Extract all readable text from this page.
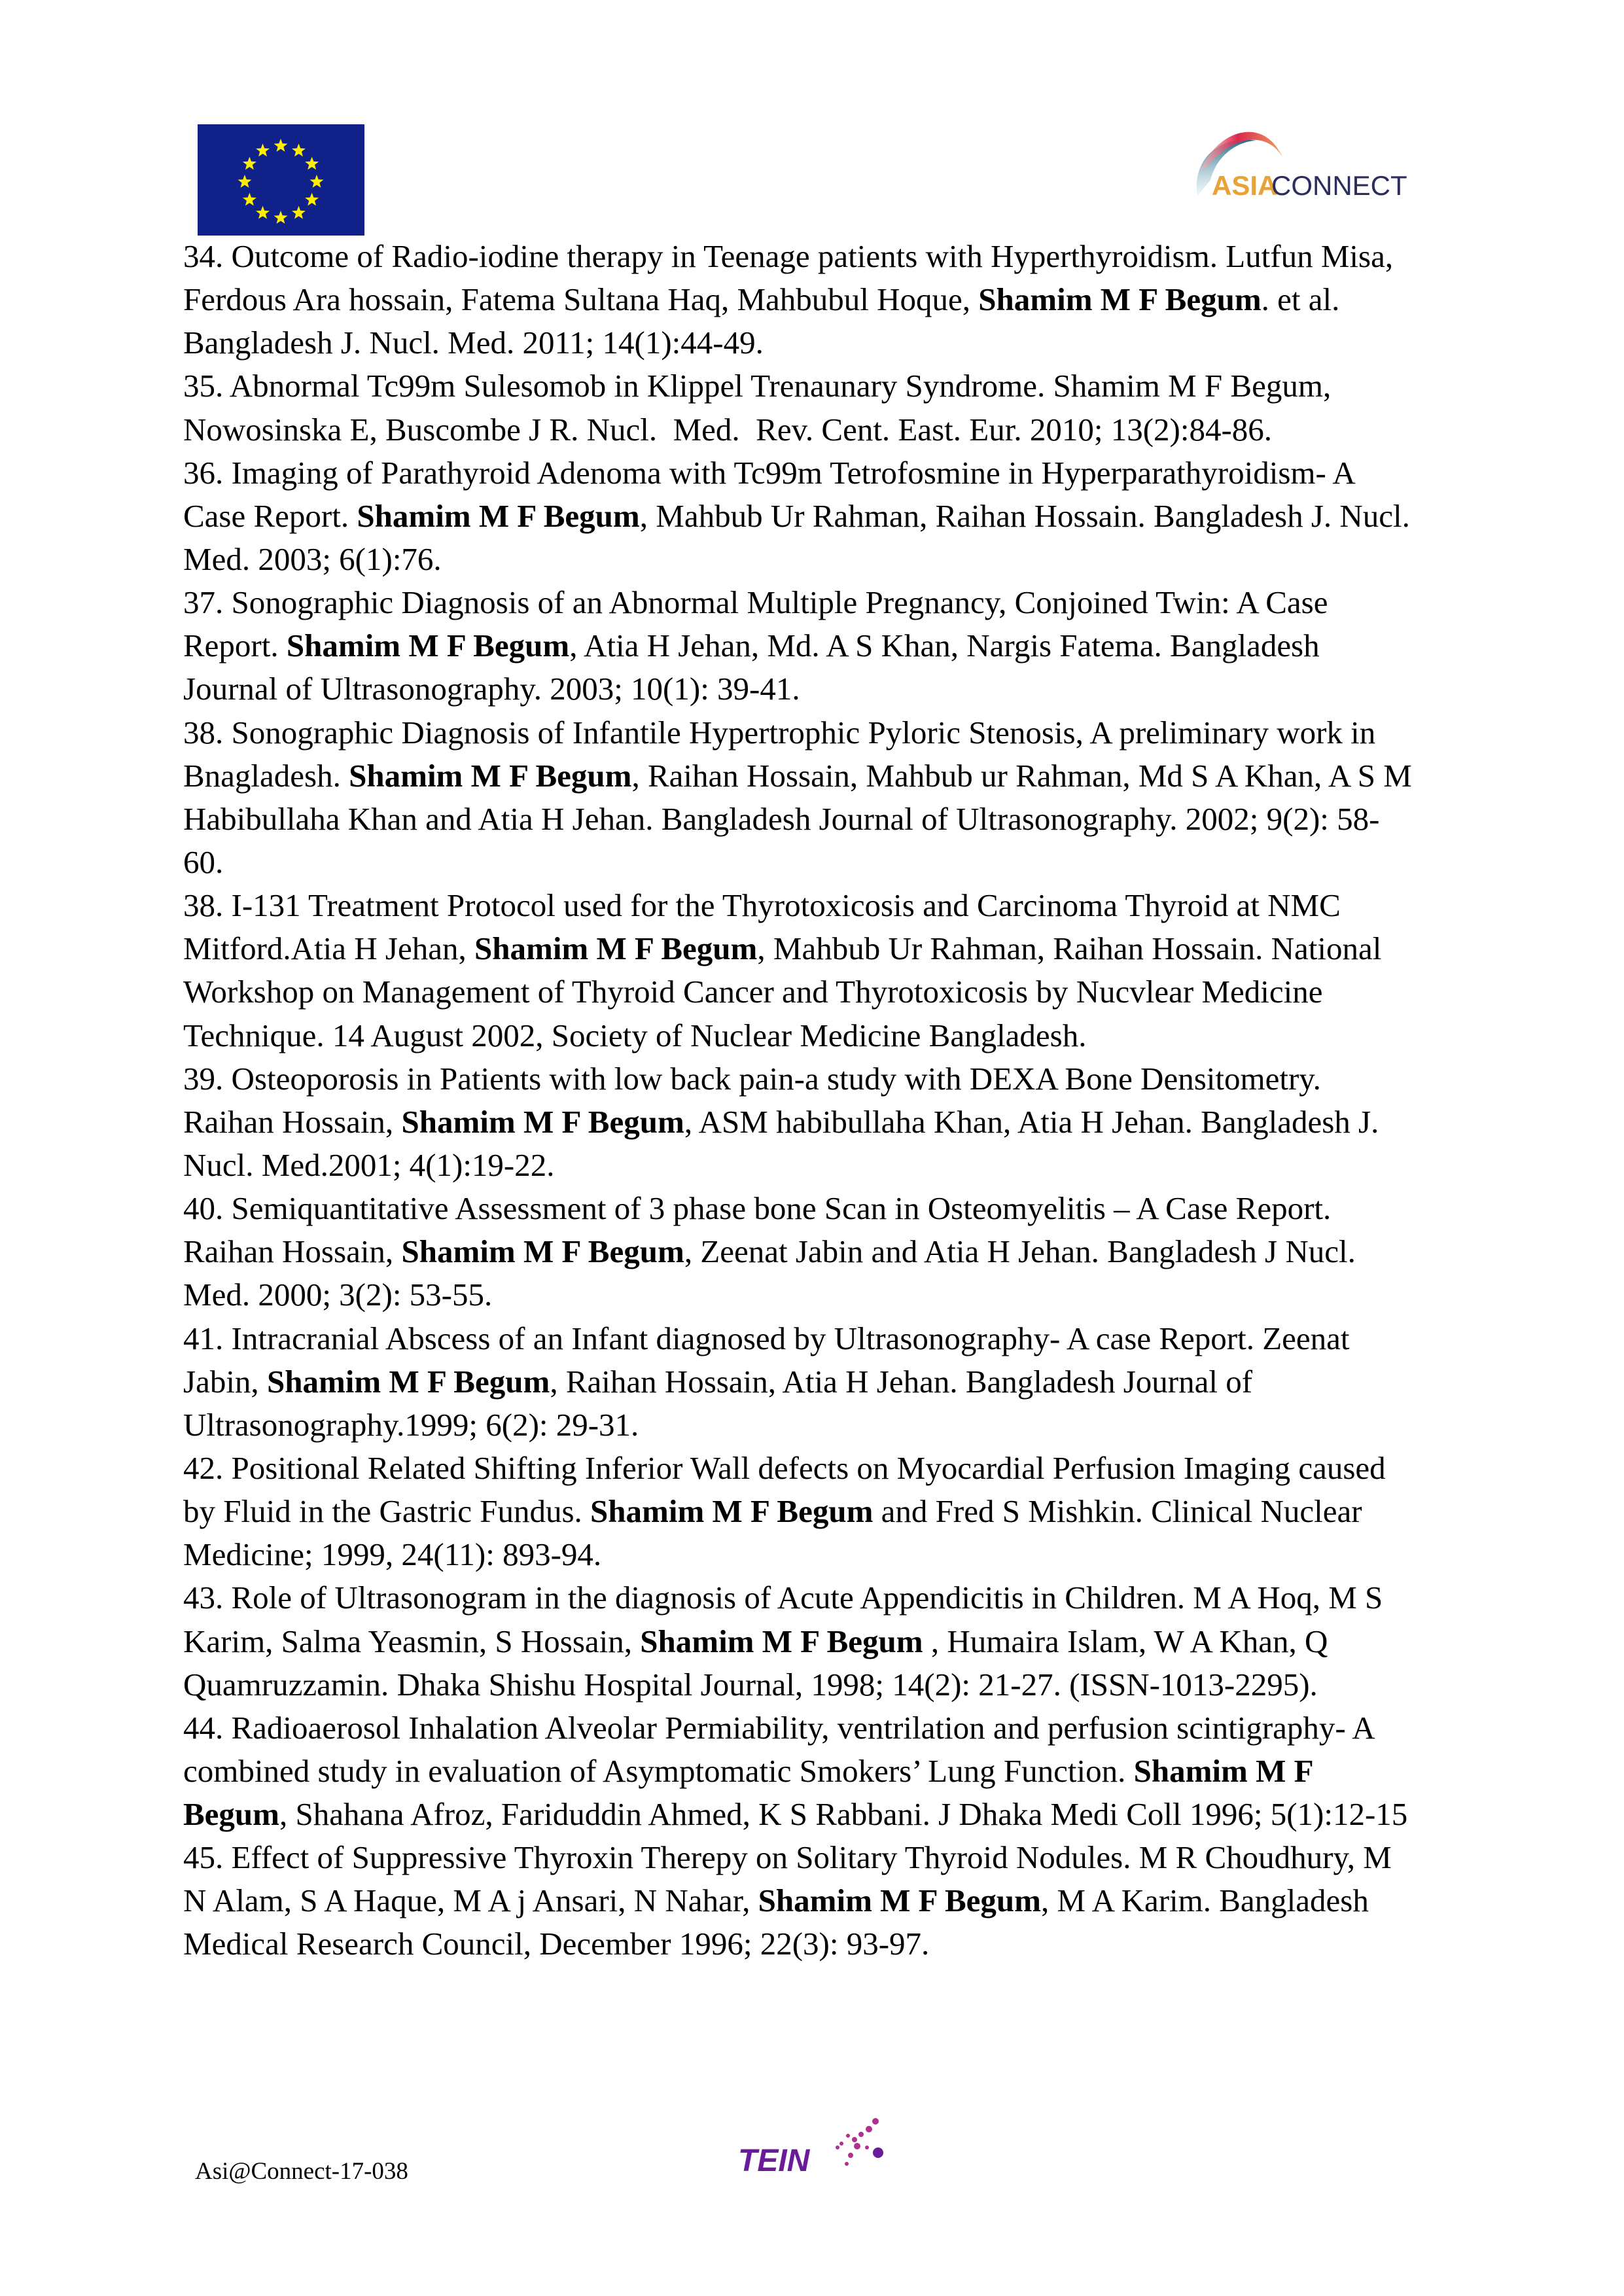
ASIA
CONNECT
34. Outcome of Radio-iodine therapy in Teenage patients with Hyperthyroidism. Lutfun Misa,
Ferdous Ara hossain, Fatema Sultana Haq, Mahbubul Hoque, Shamim M F Begum. et al.
Bangladesh J. Nucl. Med. 2011; 14(1):44-49.
35. Abnormal Tc99m Sulesomob in Klippel Trenaunary Syndrome. Shamim M F Begum,
Nowosinska E, Buscombe J R. Nucl.  Med.  Rev. Cent. East. Eur. 2010; 13(2):84-86.
36. Imaging of Parathyroid Adenoma with Tc99m Tetrofosmine in Hyperparathyroidism- A
Case Report. Shamim M F Begum, Mahbub Ur Rahman, Raihan Hossain. Bangladesh J. Nucl.
Med. 2003; 6(1):76.
37. Sonographic Diagnosis of an Abnormal Multiple Pregnancy, Conjoined Twin: A Case
Report. Shamim M F Begum, Atia H Jehan, Md. A S Khan, Nargis Fatema. Bangladesh
Journal of Ultrasonography. 2003; 10(1): 39-41.
38. Sonographic Diagnosis of Infantile Hypertrophic Pyloric Stenosis, A preliminary work in
Bnagladesh. Shamim M F Begum, Raihan Hossain, Mahbub ur Rahman, Md S A Khan, A S M
Habibullaha Khan and Atia H Jehan. Bangladesh Journal of Ultrasonography. 2002; 9(2): 58-
60.
38. I-131 Treatment Protocol used for the Thyrotoxicosis and Carcinoma Thyroid at NMC
Mitford.Atia H Jehan, Shamim M F Begum, Mahbub Ur Rahman, Raihan Hossain. National
Workshop on Management of Thyroid Cancer and Thyrotoxicosis by Nucvlear Medicine
Technique. 14 August 2002, Society of Nuclear Medicine Bangladesh.
39. Osteoporosis in Patients with low back pain-a study with DEXA Bone Densitometry.
Raihan Hossain, Shamim M F Begum, ASM habibullaha Khan, Atia H Jehan. Bangladesh J.
Nucl. Med.2001; 4(1):19-22.
40. Semiquantitative Assessment of 3 phase bone Scan in Osteomyelitis – A Case Report.
Raihan Hossain, Shamim M F Begum, Zeenat Jabin and Atia H Jehan. Bangladesh J Nucl.
Med. 2000; 3(2): 53-55.
41. Intracranial Abscess of an Infant diagnosed by Ultrasonography- A case Report. Zeenat
Jabin, Shamim M F Begum, Raihan Hossain, Atia H Jehan. Bangladesh Journal of
Ultrasonography.1999; 6(2): 29-31.
42. Positional Related Shifting Inferior Wall defects on Myocardial Perfusion Imaging caused
by Fluid in the Gastric Fundus. Shamim M F Begum and Fred S Mishkin. Clinical Nuclear
Medicine; 1999, 24(11): 893-94.
43. Role of Ultrasonogram in the diagnosis of Acute Appendicitis in Children. M A Hoq, M S
Karim, Salma Yeasmin, S Hossain, Shamim M F Begum , Humaira Islam, W A Khan, Q
Quamruzzamin. Dhaka Shishu Hospital Journal, 1998; 14(2): 21-27. (ISSN-1013-2295).
44. Radioaerosol Inhalation Alveolar Permiability, ventrilation and perfusion scintigraphy- A
combined study in evaluation of Asymptomatic Smokers’ Lung Function. Shamim M F
Begum, Shahana Afroz, Fariduddin Ahmed, K S Rabbani. J Dhaka Medi Coll 1996; 5(1):12-15
45. Effect of Suppressive Thyroxin Therepy on Solitary Thyroid Nodules. M R Choudhury, M
N Alam, S A Haque, M A j Ansari, N Nahar, Shamim M F Begum, M A Karim. Bangladesh
Medical Research Council, December 1996; 22(3): 93-97.
Asi@Connect-17-038	TEIN
